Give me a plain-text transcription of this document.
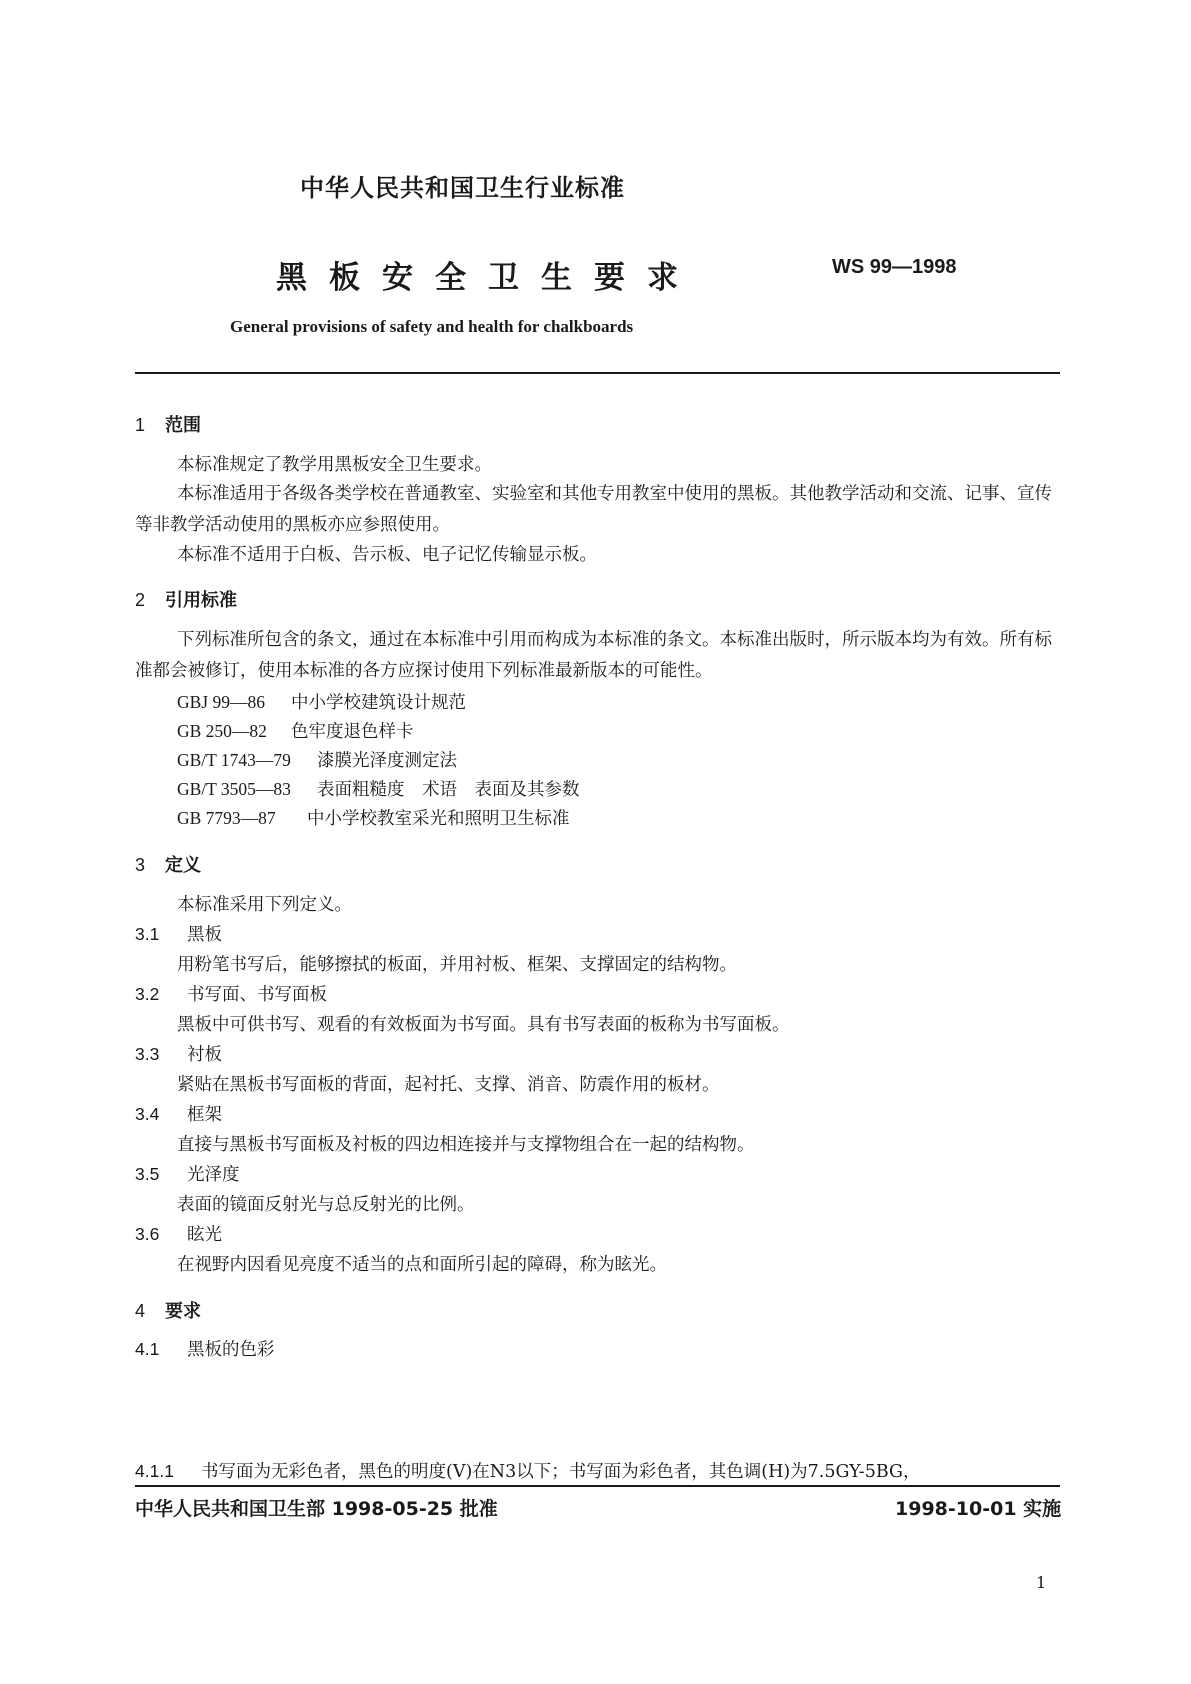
中华人民共和国卫生行业标准
黑板安全卫生要求	WS 99—1998
General provisions of safety and health for chalkboards
1 范围
本标准规定了教学用黑板安全卫生要求。
本标准适用于各级各类学校在普通教室、实验室和其他专用教室中使用的黑板。其他教学活动和交流、记事、宣传等非教学活动使用的黑板亦应参照使用。
本标准不适用于白板、告示板、电子记忆传输显示板。
2 引用标准
下列标准所包含的条文，通过在本标准中引用而构成为本标准的条文。本标准出版时，所示版本均为有效。所有标准都会被修订，使用本标准的各方应探讨使用下列标准最新版本的可能性。
GBJ 99—86 中小学校建筑设计规范
GB 250—82 色牢度退色样卡
GB/T 1743—79 漆膜光泽度测定法
GB/T 3505—83 表面粗糙度　术语　表面及其参数
GB 7793—87 中小学校教室采光和照明卫生标准
3 定义
本标准采用下列定义。
3.1 黑板
用粉笔书写后，能够擦拭的板面，并用衬板、框架、支撑固定的结构物。
3.2 书写面、书写面板
黑板中可供书写、观看的有效板面为书写面。具有书写表面的板称为书写面板。
3.3 衬板
紧贴在黑板书写面板的背面，起衬托、支撑、消音、防震作用的板材。
3.4 框架
直接与黑板书写面板及衬板的四边相连接并与支撑物组合在一起的结构物。
3.5 光泽度
表面的镜面反射光与总反射光的比例。
3.6 眩光
在视野内因看见亮度不适当的点和面所引起的障碍，称为眩光。
4 要求
4.1 黑板的色彩
4.1.1 书写面为无彩色者，黑色的明度(V)在N3以下；书写面为彩色者，其色调(H)为7.5GY-5BG，
中华人民共和国卫生部 1998-05-25 批准	1998-10-01 实施
1
